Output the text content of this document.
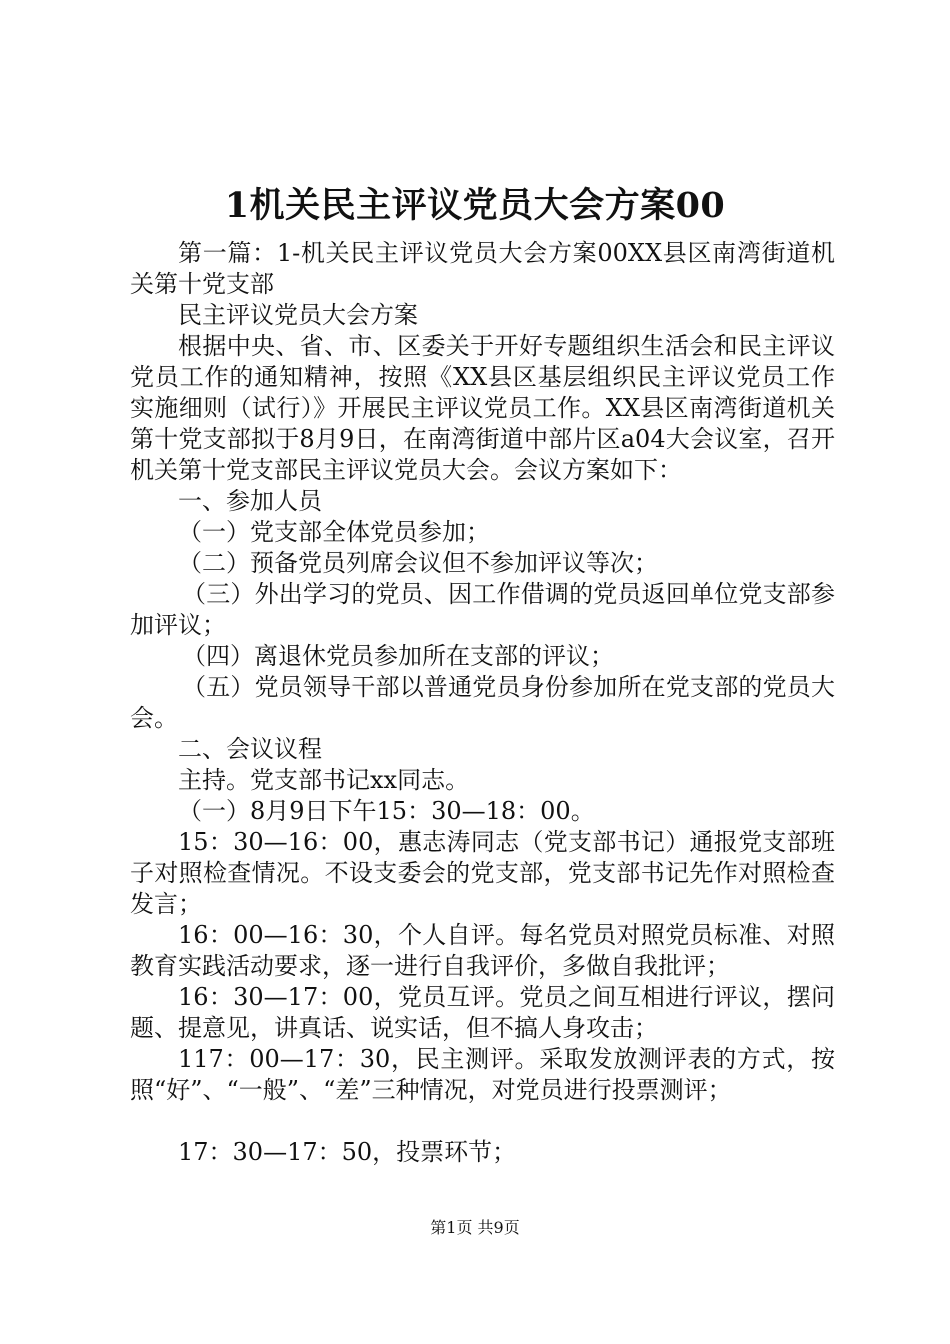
1机关民主评议党员大会方案00

第一篇：1-机关民主评议党员大会方案00XX县区南湾街道机关第十党支部

民主评议党员大会方案

根据中央、省、市、区委关于开好专题组织生活会和民主评议党员工作的通知精神，按照《XX县区基层组织民主评议党员工作实施细则（试行）》开展民主评议党员工作。XX县区南湾街道机关第十党支部拟于8月9日，在南湾街道中部片区a04大会议室，召开机关第十党支部民主评议党员大会。会议方案如下：

一、参加人员

（一）党支部全体党员参加；

（二）预备党员列席会议但不参加评议等次；

（三）外出学习的党员、因工作借调的党员返回单位党支部参加评议；

（四）离退休党员参加所在支部的评议；

（五）党员领导干部以普通党员身份参加所在党支部的党员大会。

二、会议议程

主持。党支部书记xx同志。

（一）8月9日下午15：30—18：00。

15：30—16：00，惠志涛同志（党支部书记）通报党支部班子对照检查情况。不设支委会的党支部，党支部书记先作对照检查发言；

16：00—16：30，个人自评。每名党员对照党员标准、对照教育实践活动要求，逐一进行自我评价，多做自我批评；

16：30—17：00，党员互评。党员之间互相进行评议，摆问题、提意见，讲真话、说实话，但不搞人身攻击；

117：00—17：30，民主测评。采取发放测评表的方式，按照“好”、“一般”、“差”三种情况，对党员进行投票测评；

17：30—17：50，投票环节；

第1页 共9页
